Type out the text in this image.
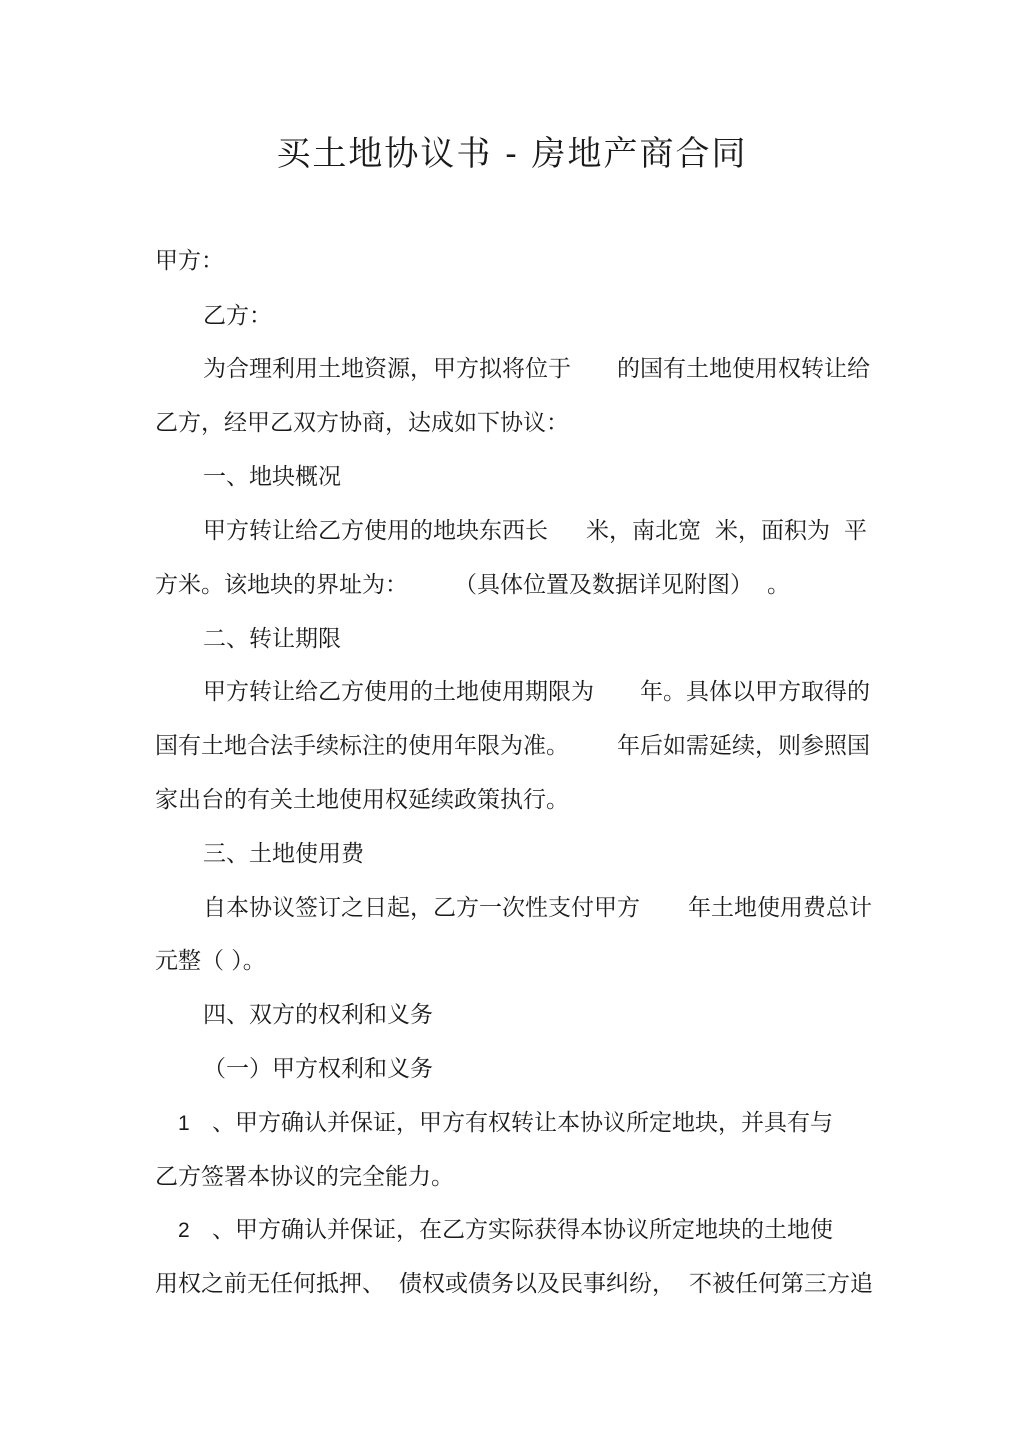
买土地协议书 - 房地产商合同

甲方：

乙方：

为合理利用土地资源，甲方拟将位于 的国有土地使用权转让给

乙方，经甲乙双方协商，达成如下协议：

一、地块概况

甲方转让给乙方使用的地块东西长 米，南北宽 米，面积为 平

方米。该地块的界址为： （具体位置及数据详见附图） 。

二、转让期限

甲方转让给乙方使用的土地使用期限为 年。具体以甲方取得的

国有土地合法手续标注的使用年限为准。 年后如需延续，则参照国

家出台的有关土地使用权延续政策执行。

三、土地使用费

自本协议签订之日起，乙方一次性支付甲方 年土地使用费总计

元整（ ）。

四、双方的权利和义务

（一）甲方权利和义务

1 、甲方确认并保证，甲方有权转让本协议所定地块，并具有与

乙方签署本协议的完全能力。

2 、甲方确认并保证，在乙方实际获得本协议所定地块的土地使

用权之前无任何抵押、 债权或债务以及民事纠纷， 不被任何第三方追
